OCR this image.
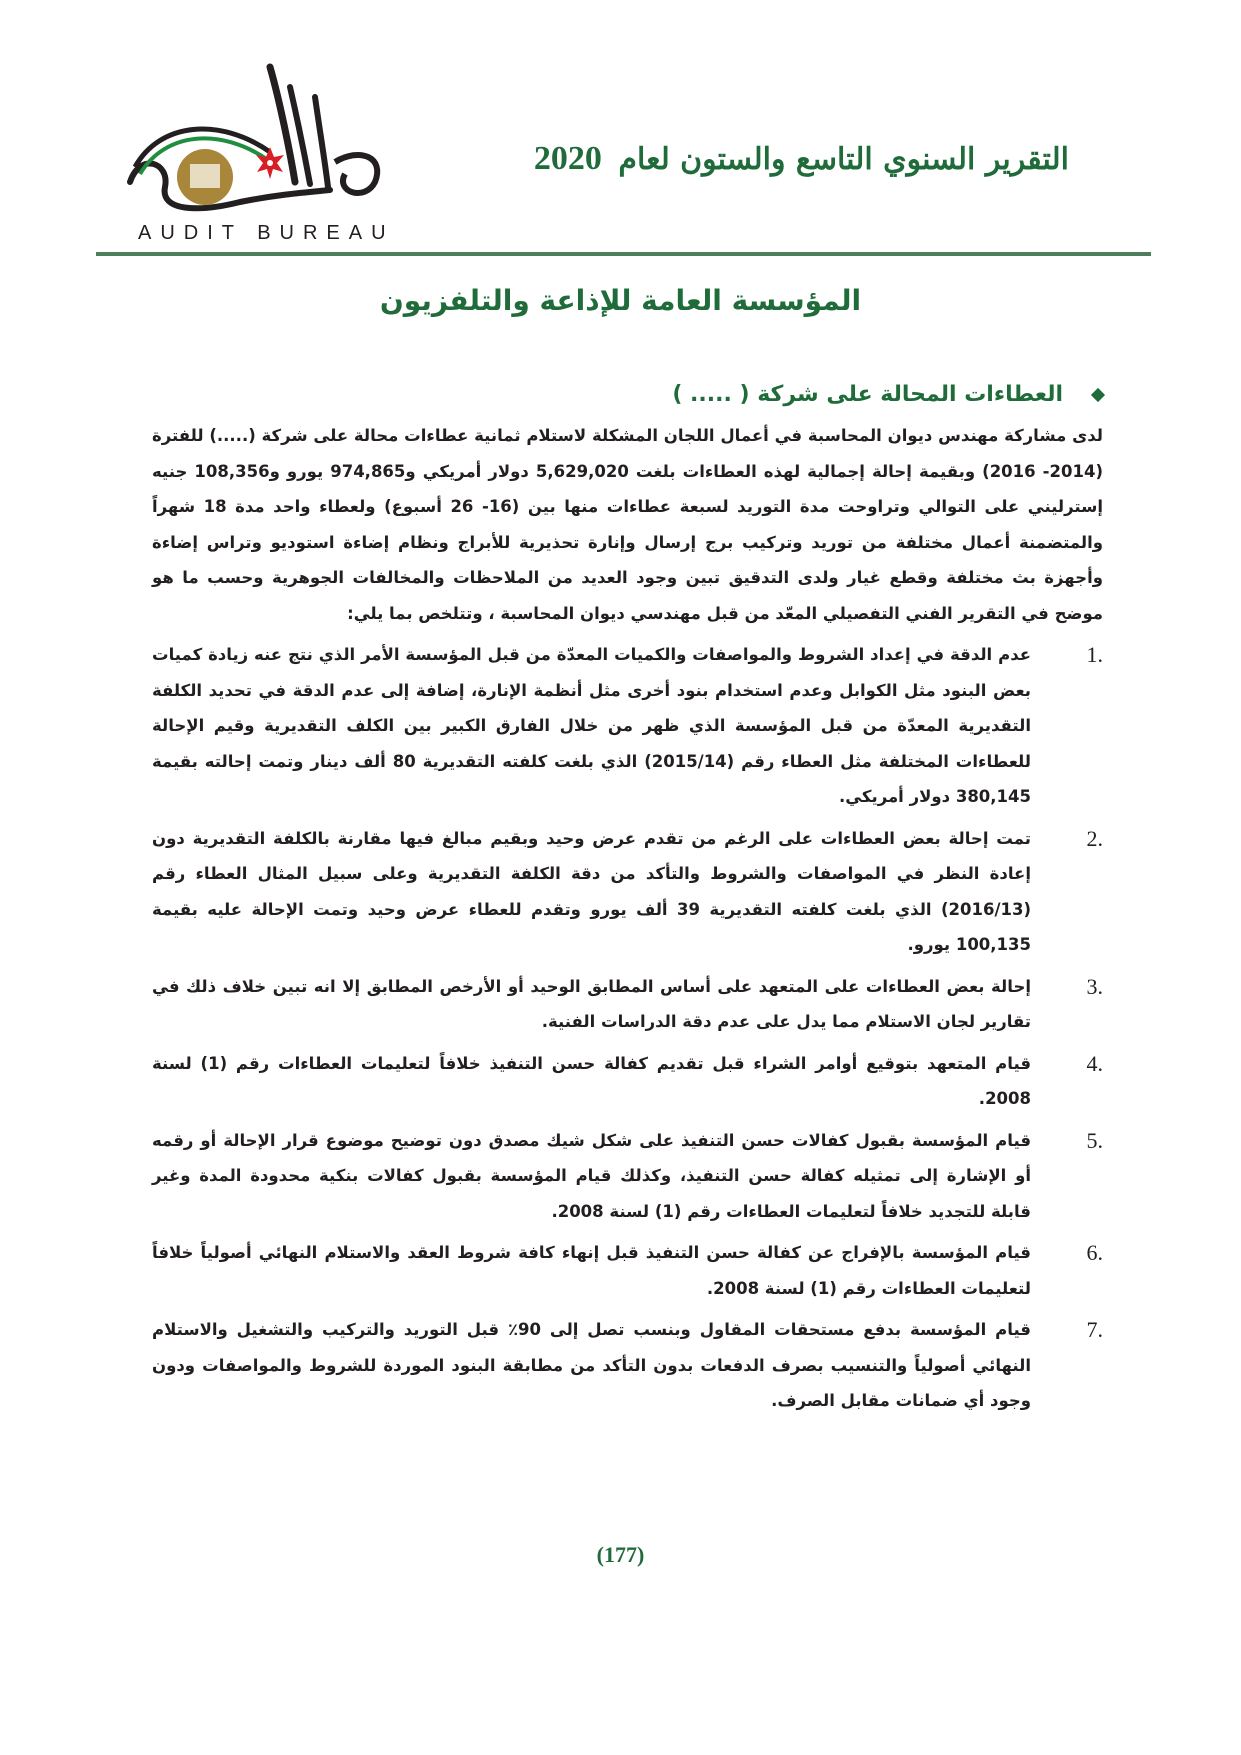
AUDIT BUREAU
التقرير السنوي التاسع والستون لعام 2020
المؤسسة العامة للإذاعة والتلفزيون
العطاءات المحالة على شركة ( ..... )

لدى مشاركة مهندس ديوان المحاسبة في أعمال اللجان المشكلة لاستلام ثمانية عطاءات محالة على شركة (.....) للفترة (2014- 2016) وبقيمة إحالة إجمالية لهذه العطاءات بلغت 5,629,020 دولار أمريكي و974,865 يورو و108,356 جنيه إسترليني على التوالي وتراوحت مدة التوريد لسبعة عطاءات منها بين (16- 26 أسبوع) ولعطاء واحد مدة 18 شهراً والمتضمنة أعمال مختلفة من توريد وتركيب برج إرسال وإنارة تحذيرية للأبراج ونظام إضاءة استوديو وتراس إضاءة وأجهزة بث مختلفة وقطع غيار ولدى التدقيق تبين وجود العديد من الملاحظات والمخالفات الجوهرية وحسب ما هو موضح في التقرير الفني التفصيلي المعّد من قبل مهندسي ديوان المحاسبة ، وتتلخص بما يلي:

1.
عدم الدقة في إعداد الشروط والمواصفات والكميات المعدّة من قبل المؤسسة الأمر الذي نتج عنه زيادة كميات بعض البنود مثل الكوابل وعدم استخدام بنود أخرى مثل أنظمة الإنارة، إضافة إلى عدم الدقة في تحديد الكلفة التقديرية المعدّة من قبل المؤسسة الذي ظهر من خلال الفارق الكبير بين الكلف التقديرية وقيم الإحالة للعطاءات المختلفة مثل العطاء رقم (2015/14) الذي بلغت كلفته التقديرية 80 ألف دينار وتمت إحالته بقيمة 380,145 دولار أمريكي.
2.
تمت إحالة بعض العطاءات على الرغم من تقدم عرض وحيد وبقيم مبالغ فيها مقارنة بالكلفة التقديرية دون إعادة النظر في المواصفات والشروط والتأكد من دقة الكلفة التقديرية وعلى سبيل المثال العطاء رقم (2016/13) الذي بلغت كلفته التقديرية 39 ألف يورو وتقدم للعطاء عرض وحيد وتمت الإحالة عليه بقيمة 100,135 يورو.
3.
إحالة بعض العطاءات على المتعهد على أساس المطابق الوحيد أو الأرخص المطابق إلا انه تبين خلاف ذلك في تقارير لجان الاستلام مما يدل على عدم دقة الدراسات الفنية.
4.
قيام المتعهد بتوقيع أوامر الشراء قبل تقديم كفالة حسن التنفيذ خلافاً لتعليمات العطاءات رقم (1) لسنة 2008.
5.
قيام المؤسسة بقبول كفالات حسن التنفيذ على شكل شيك مصدق دون توضيح موضوع قرار الإحالة أو رقمه أو الإشارة إلى تمثيله كفالة حسن التنفيذ، وكذلك قيام المؤسسة بقبول كفالات بنكية محدودة المدة وغير قابلة للتجديد خلافاً لتعليمات العطاءات رقم (1) لسنة 2008.
6.
قيام المؤسسة بالإفراج عن كفالة حسن التنفيذ قبل إنهاء كافة شروط العقد والاستلام النهائي أصولياً خلافاً لتعليمات العطاءات رقم (1) لسنة 2008.
7.
قيام المؤسسة بدفع مستحقات المقاول وبنسب تصل إلى 90٪ قبل التوريد والتركيب والتشغيل والاستلام النهائي أصولياً والتنسيب بصرف الدفعات بدون التأكد من مطابقة البنود الموردة للشروط والمواصفات ودون وجود أي ضمانات مقابل الصرف.
(177)
